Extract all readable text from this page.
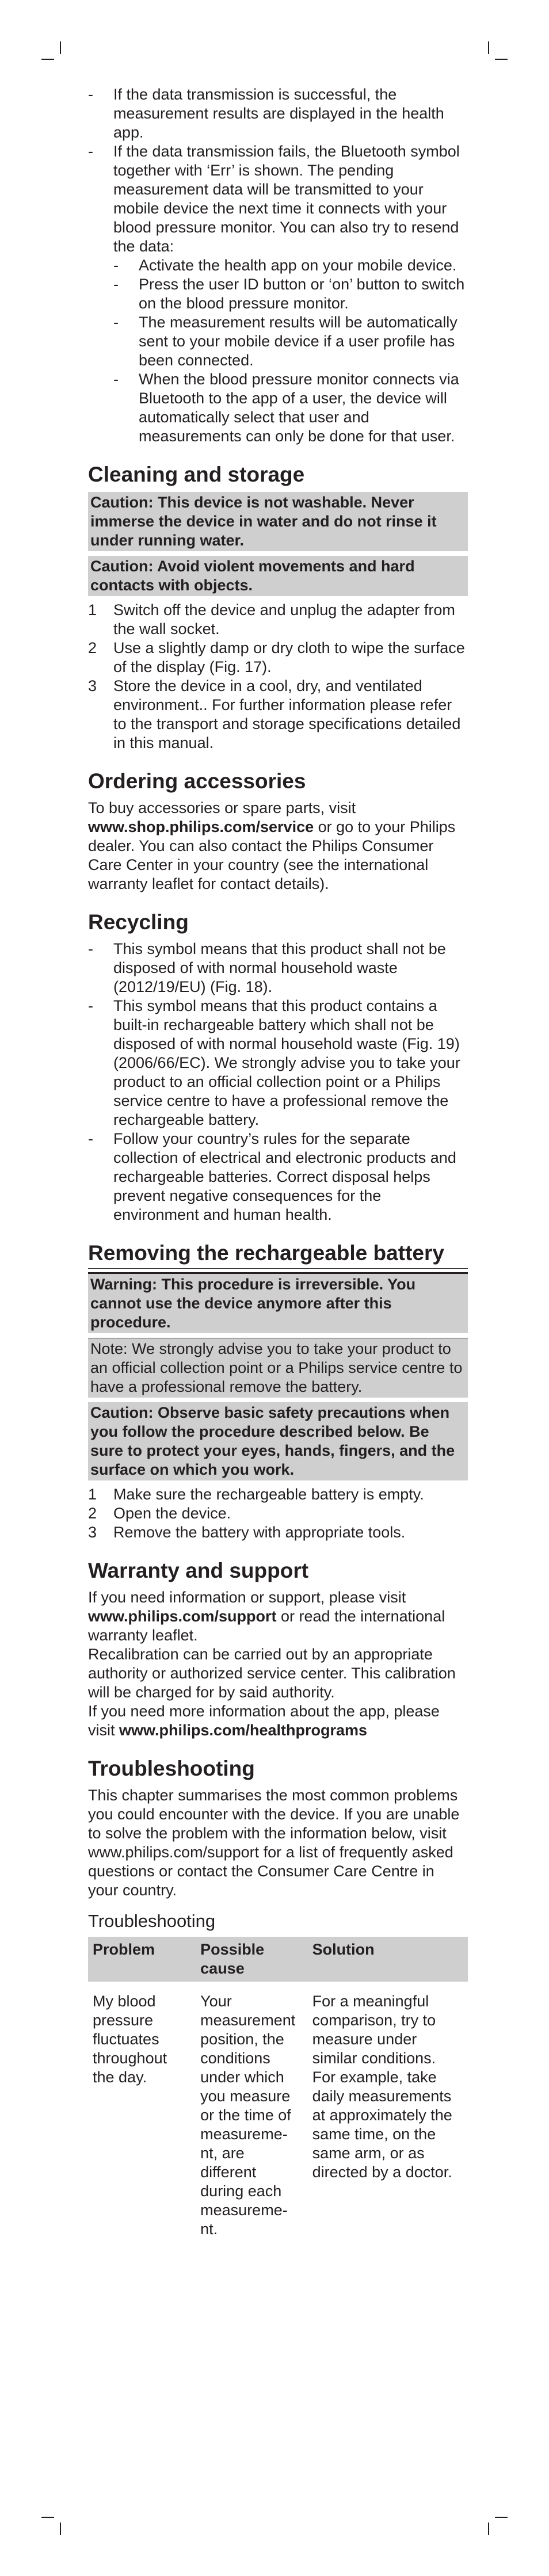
- If the data transmission is successful, the measurement results are displayed in the health app.
- If the data transmission fails, the Bluetooth symbol together with ‘Err’ is shown. The pending measurement data will be transmitted to your mobile device the next time it connects with your blood pressure monitor. You can also try to resend the data:
- Activate the health app on your mobile device.
- Press the user ID button or ‘on’ button to switch on the blood pressure monitor.
- The measurement results will be automatically sent to your mobile device if a user profile has been connected.
- When the blood pressure monitor connects via Bluetooth to the app of a user, the device will automatically select that user and measurements can only be done for that user.
Cleaning and storage
Caution: This device is not washable. Never immerse the device in water and do not rinse it under running water.
Caution: Avoid violent movements and hard contacts with objects.
1 Switch off the device and unplug the adapter from the wall socket.
2 Use a slightly damp or dry cloth to wipe the surface of the display (Fig. 17).
3 Store the device in a cool, dry, and ventilated environment.. For further information please refer to the transport and storage specifications detailed in this manual.
Ordering accessories

To buy accessories or spare parts, visit www.shop.philips.com/service or go to your Philips dealer. You can also contact the Philips Consumer Care Center in your country (see the international warranty leaflet for contact details).

Recycling
- This symbol means that this product shall not be disposed of with normal household waste (2012/19/EU) (Fig. 18).
- This symbol means that this product contains a built-in rechargeable battery which shall not be disposed of with normal household waste (Fig. 19) (2006/66/EC). We strongly advise you to take your product to an official collection point or a Philips service centre to have a professional remove the rechargeable battery.
- Follow your country’s rules for the separate collection of electrical and electronic products and rechargeable batteries. Correct disposal helps prevent negative consequences for the environment and human health.
Removing the rechargeable battery
Warning: This procedure is irreversible. You cannot use the device anymore after this procedure.
Note: We strongly advise you to take your product to an official collection point or a Philips service centre to have a professional remove the battery.
Caution: Observe basic safety precautions when you follow the procedure described below. Be sure to protect your eyes, hands, fingers, and the surface on which you work.
1 Make sure the rechargeable battery is empty.
2 Open the device.
3 Remove the battery with appropriate tools.
Warranty and support

If you need information or support, please visit www.philips.com/support or read the international warranty leaflet.

Recalibration can be carried out by an appropriate authority or authorized service center. This calibration will be charged for by said authority.

If you need more information about the app, please visit www.philips.com/healthprograms

Troubleshooting

This chapter summarises the most common problems you could encounter with the device. If you are unable to solve the problem with the information below, visit www.philips.com/support for a list of frequently asked questions or contact the Consumer Care Centre in your country.

Troubleshooting
Problem	Possible cause	Solution
My blood pressure fluctuates throughout the day.	Your measurement position, the conditions under which you measure or the time of measureme-nt, are different during each measureme-nt.	For a meaningful comparison, try to measure under similar conditions. For example, take daily measurements at approximately the same time, on the same arm, or as directed by a doctor.
